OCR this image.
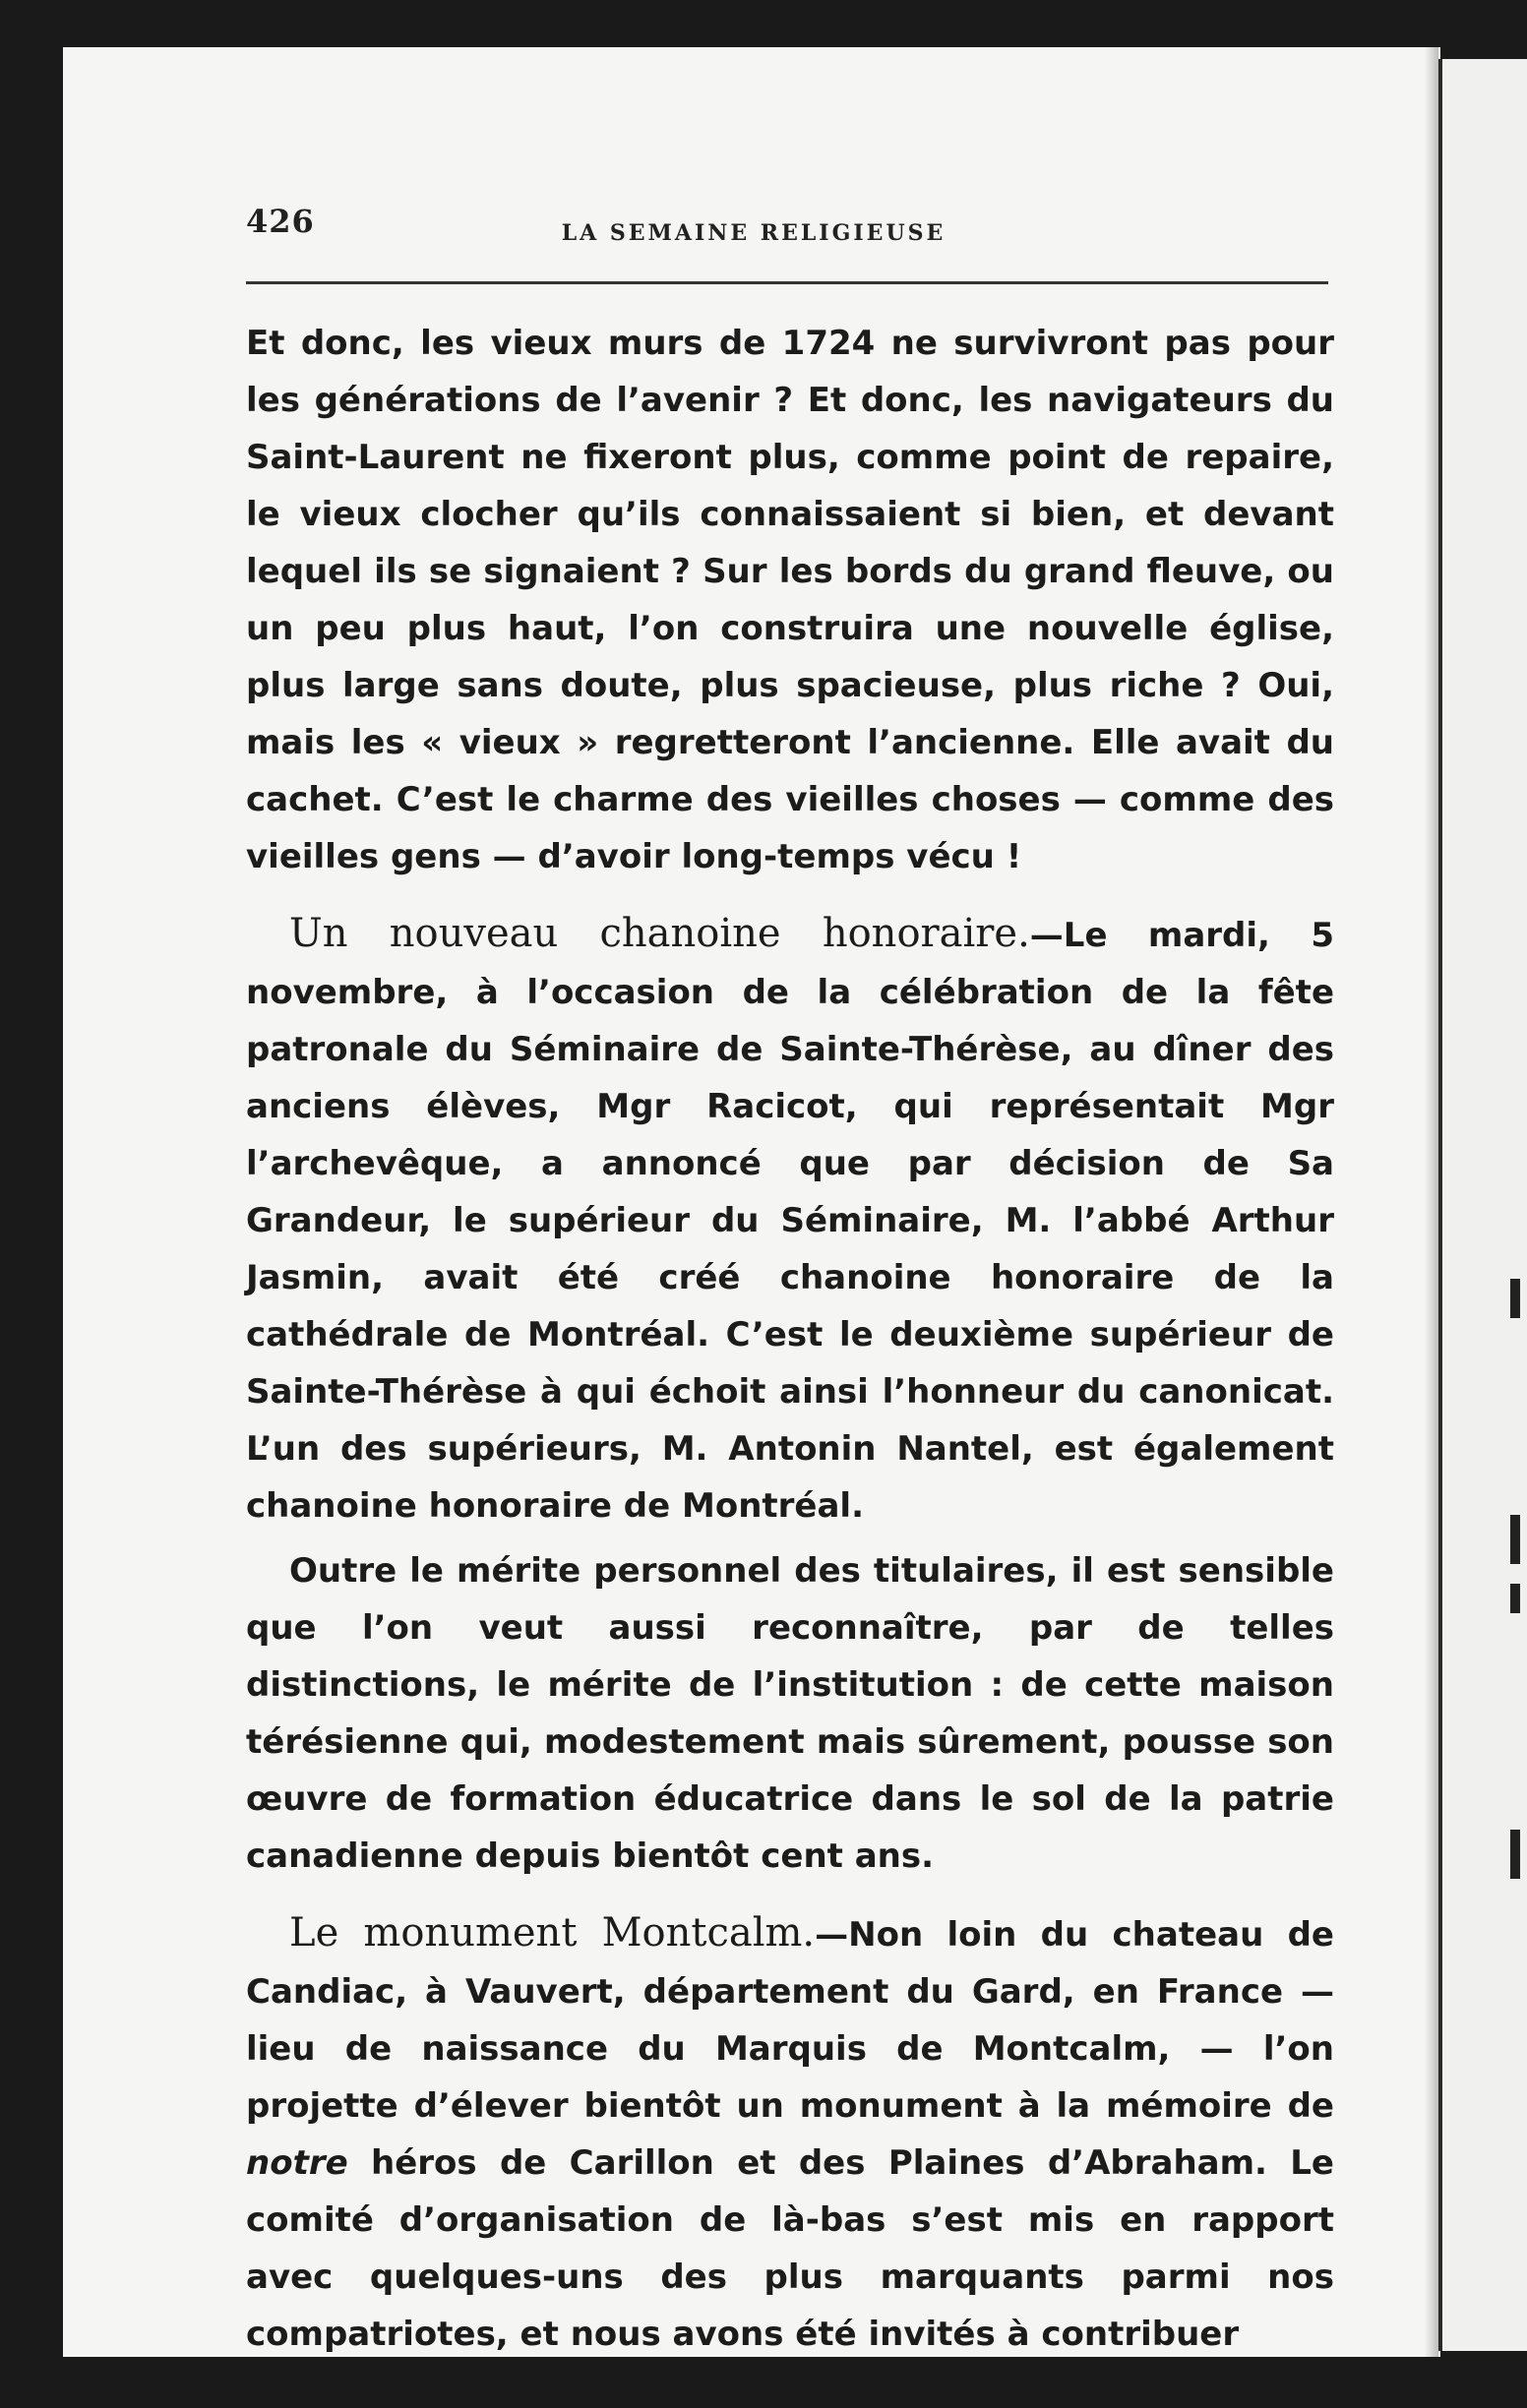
426	LA SEMAINE RELIGIEUSE

Et donc, les vieux murs de 1724 ne survivront pas pour les générations de l’avenir ? Et donc, les navigateurs du Saint-Laurent ne fixeront plus, comme point de repaire, le vieux clocher qu’ils connaissaient si bien, et devant lequel ils se signaient ? Sur les bords du grand fleuve, ou un peu plus haut, l’on construira une nouvelle église, plus large sans doute, plus spacieuse, plus riche ? Oui, mais les « vieux » regretteront l’ancienne. Elle avait du cachet. C’est le charme des vieilles choses — comme des vieilles gens — d’avoir long-temps vécu !

Un nouveau chanoine honoraire.—Le mardi, 5 novembre, à l’occasion de la célébration de la fête patronale du Séminaire de Sainte-Thérèse, au dîner des anciens élèves, Mgr Racicot, qui représentait Mgr l’archevêque, a annoncé que par décision de Sa Grandeur, le supérieur du Séminaire, M. l’abbé Arthur Jasmin, avait été créé chanoine honoraire de la cathédrale de Montréal. C’est le deuxième supérieur de Sainte-Thérèse à qui échoit ainsi l’honneur du canonicat. L’un des supérieurs, M. Antonin Nantel, est également chanoine honoraire de Montréal.

Outre le mérite personnel des titulaires, il est sensible que l’on veut aussi reconnaître, par de telles distinctions, le mérite de l’institution : de cette maison térésienne qui, modestement mais sûrement, pousse son œuvre de formation éducatrice dans le sol de la patrie canadienne depuis bientôt cent ans.

Le monument Montcalm.—Non loin du chateau de Candiac, à Vauvert, département du Gard, en France — lieu de naissance du Marquis de Montcalm, — l’on projette d’élever bientôt un monument à la mémoire de notre héros de Carillon et des Plaines d’Abraham. Le comité d’organisation de là-bas s’est mis en rapport avec quelques-uns des plus marquants parmi nos compatriotes, et nous avons été invités à contribuer
